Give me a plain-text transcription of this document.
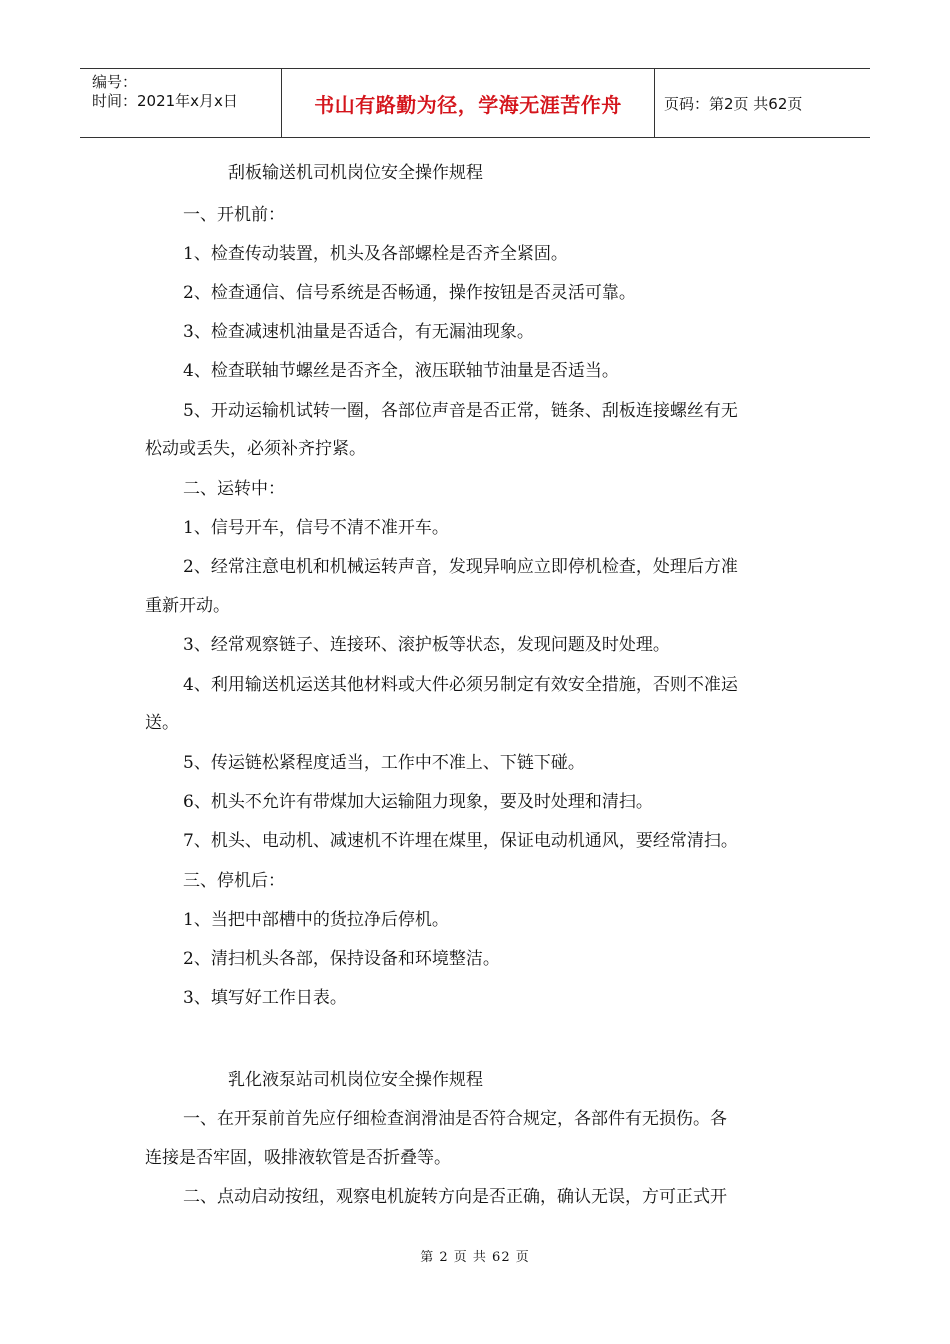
编号：
时间：2021年x月x日	书山有路勤为径，学海无涯苦作舟	页码：第2页 共62页
刮板输送机司机岗位安全操作规程
一、开机前：
1、检查传动装置，机头及各部螺栓是否齐全紧固。
2、检查通信、信号系统是否畅通，操作按钮是否灵活可靠。
3、检查减速机油量是否适合，有无漏油现象。
4、检查联轴节螺丝是否齐全，液压联轴节油量是否适当。
5、开动运输机试转一圈，各部位声音是否正常，链条、刮板连接螺丝有无
松动或丢失，必须补齐拧紧。
二、运转中：
1、信号开车，信号不清不准开车。
2、经常注意电机和机械运转声音，发现异响应立即停机检查，处理后方准
重新开动。
3、经常观察链子、连接环、滚护板等状态，发现问题及时处理。
4、利用输送机运送其他材料或大件必须另制定有效安全措施，否则不准运
送。
5、传运链松紧程度适当，工作中不准上、下链下碰。
6、机头不允许有带煤加大运输阻力现象，要及时处理和清扫。
7、机头、电动机、减速机不许埋在煤里，保证电动机通风，要经常清扫。
三、停机后：
1、当把中部槽中的货拉净后停机。
2、清扫机头各部，保持设备和环境整洁。
3、填写好工作日表。
乳化液泵站司机岗位安全操作规程
一、在开泵前首先应仔细检查润滑油是否符合规定，各部件有无损伤。各
连接是否牢固，吸排液软管是否折叠等。
二、点动启动按纽，观察电机旋转方向是否正确，确认无误，方可正式开
第 2 页 共 62 页
